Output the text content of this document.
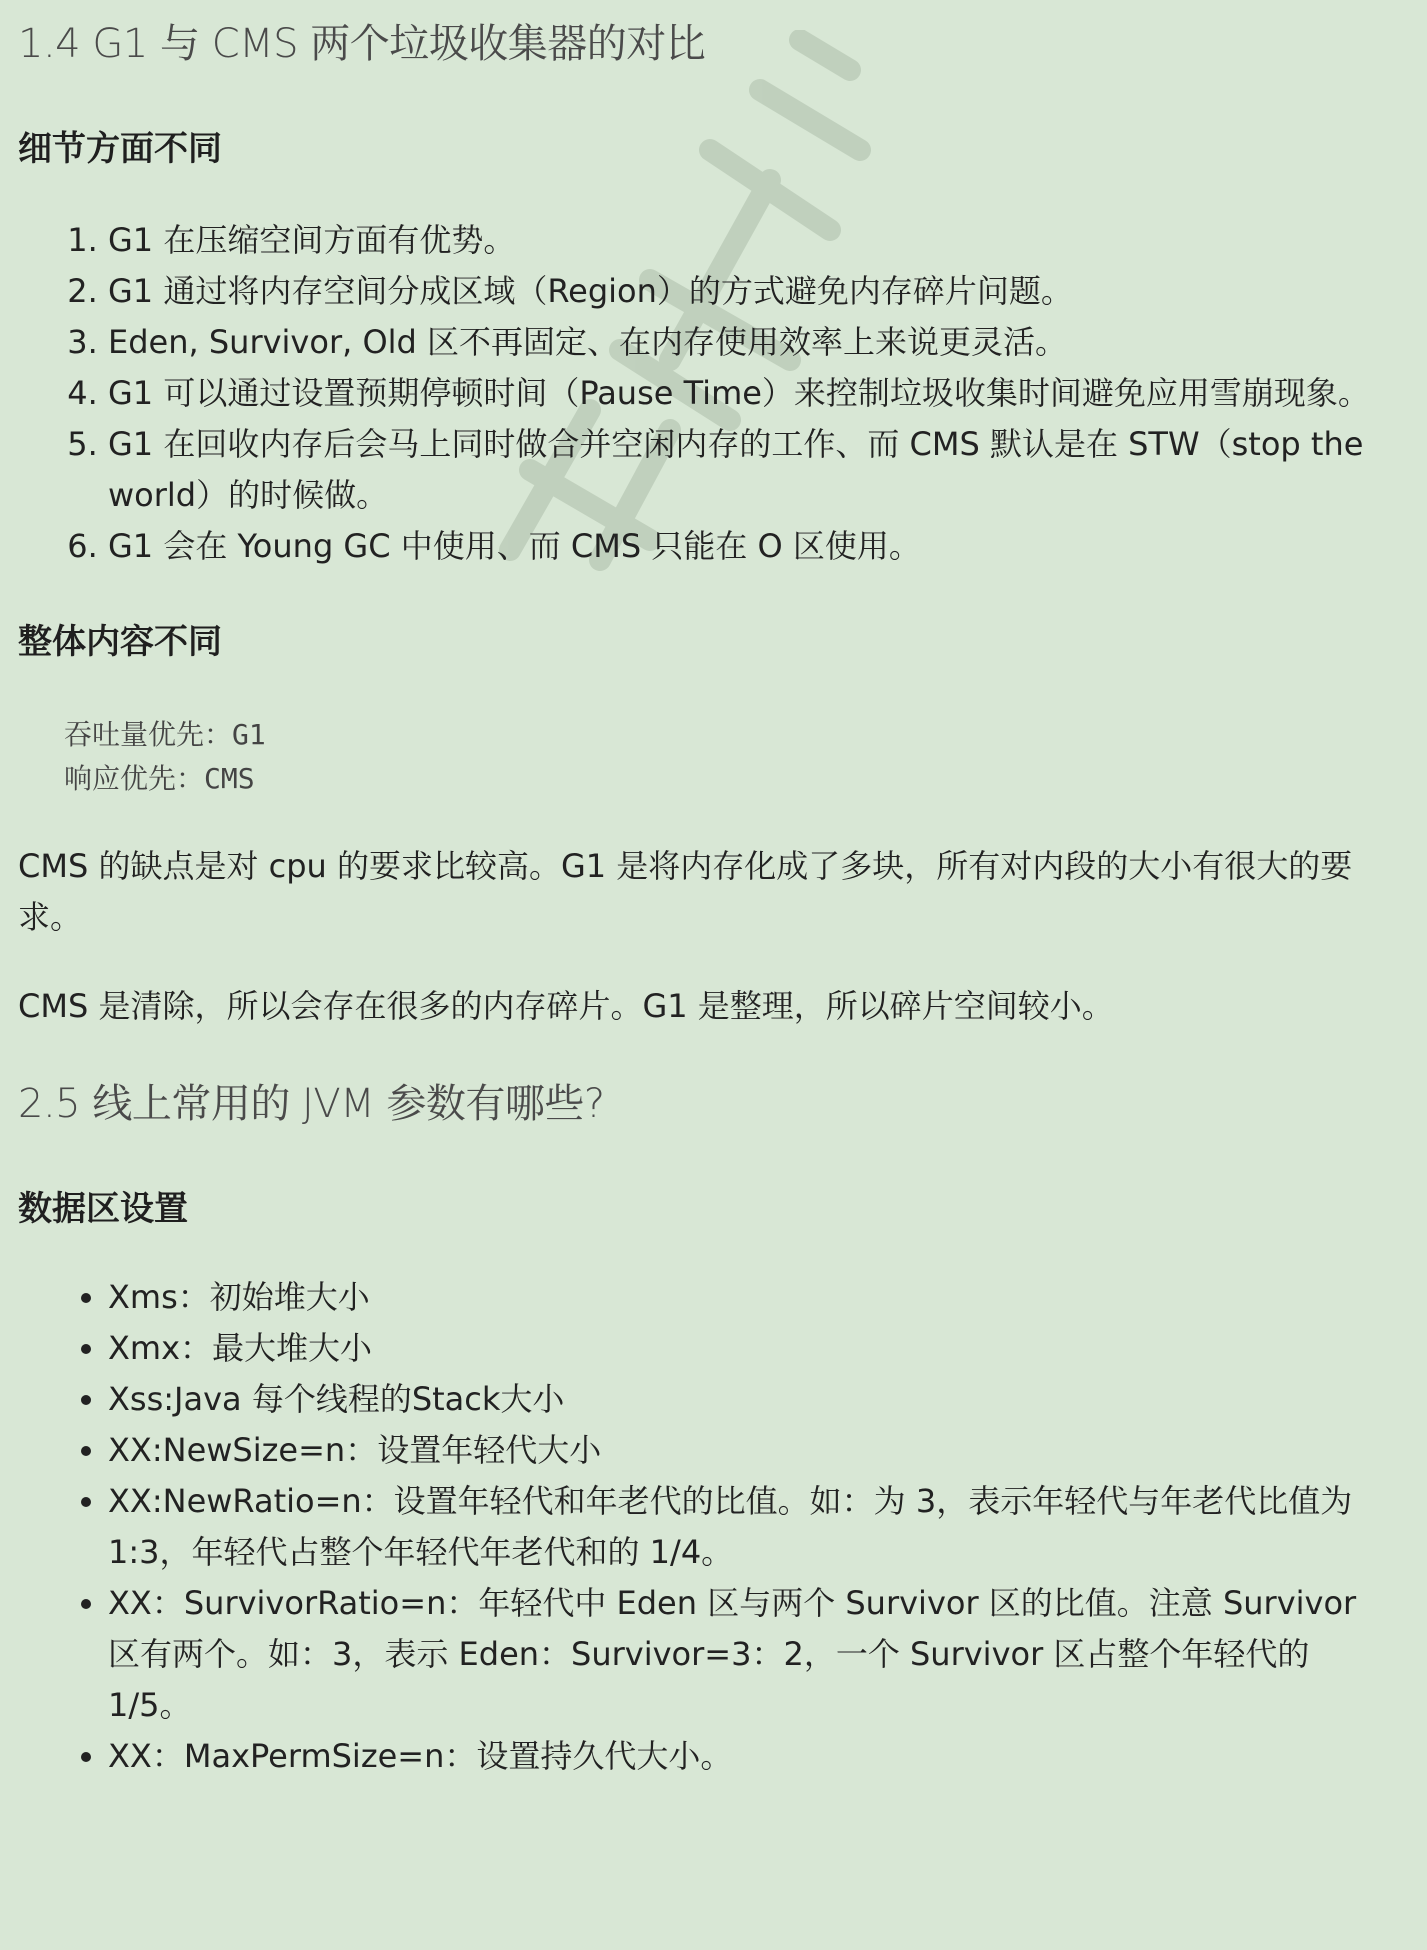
1.4 G1 与 CMS 两个垃圾收集器的对比
细节方面不同
1. G1 在压缩空间方面有优势。
2. G1 通过将内存空间分成区域（Region）的方式避免内存碎片问题。
3. Eden, Survivor, Old 区不再固定、在内存使用效率上来说更灵活。
4. G1 可以通过设置预期停顿时间（Pause Time）来控制垃圾收集时间避免应用雪崩现象。
5. G1 在回收内存后会马上同时做合并空闲内存的工作、而 CMS 默认是在 STW（stop the world）的时候做。
6. G1 会在 Young GC 中使用、而 CMS 只能在 O 区使用。
整体内容不同
吞吐量优先：G1
响应优先：CMS

CMS 的缺点是对 cpu 的要求比较高。G1 是将内存化成了多块，所有对内段的大小有很大的要求。

CMS 是清除，所以会存在很多的内存碎片。G1 是整理，所以碎片空间较小。

2.5 线上常用的 JVM 参数有哪些?
数据区设置
• Xms：初始堆大小
• Xmx：最大堆大小
• Xss:Java 每个线程的Stack大小
• XX:NewSize=n：设置年轻代大小
• XX:NewRatio=n：设置年轻代和年老代的比值。如：为 3，表示年轻代与年老代比值为 1:3，年轻代占整个年轻代年老代和的 1/4。
• XX：SurvivorRatio=n：年轻代中 Eden 区与两个 Survivor 区的比值。注意 Survivor 区有两个。如：3，表示 Eden：Survivor=3：2，一个 Survivor 区占整个年轻代的 1/5。
• XX：MaxPermSize=n：设置持久代大小。
